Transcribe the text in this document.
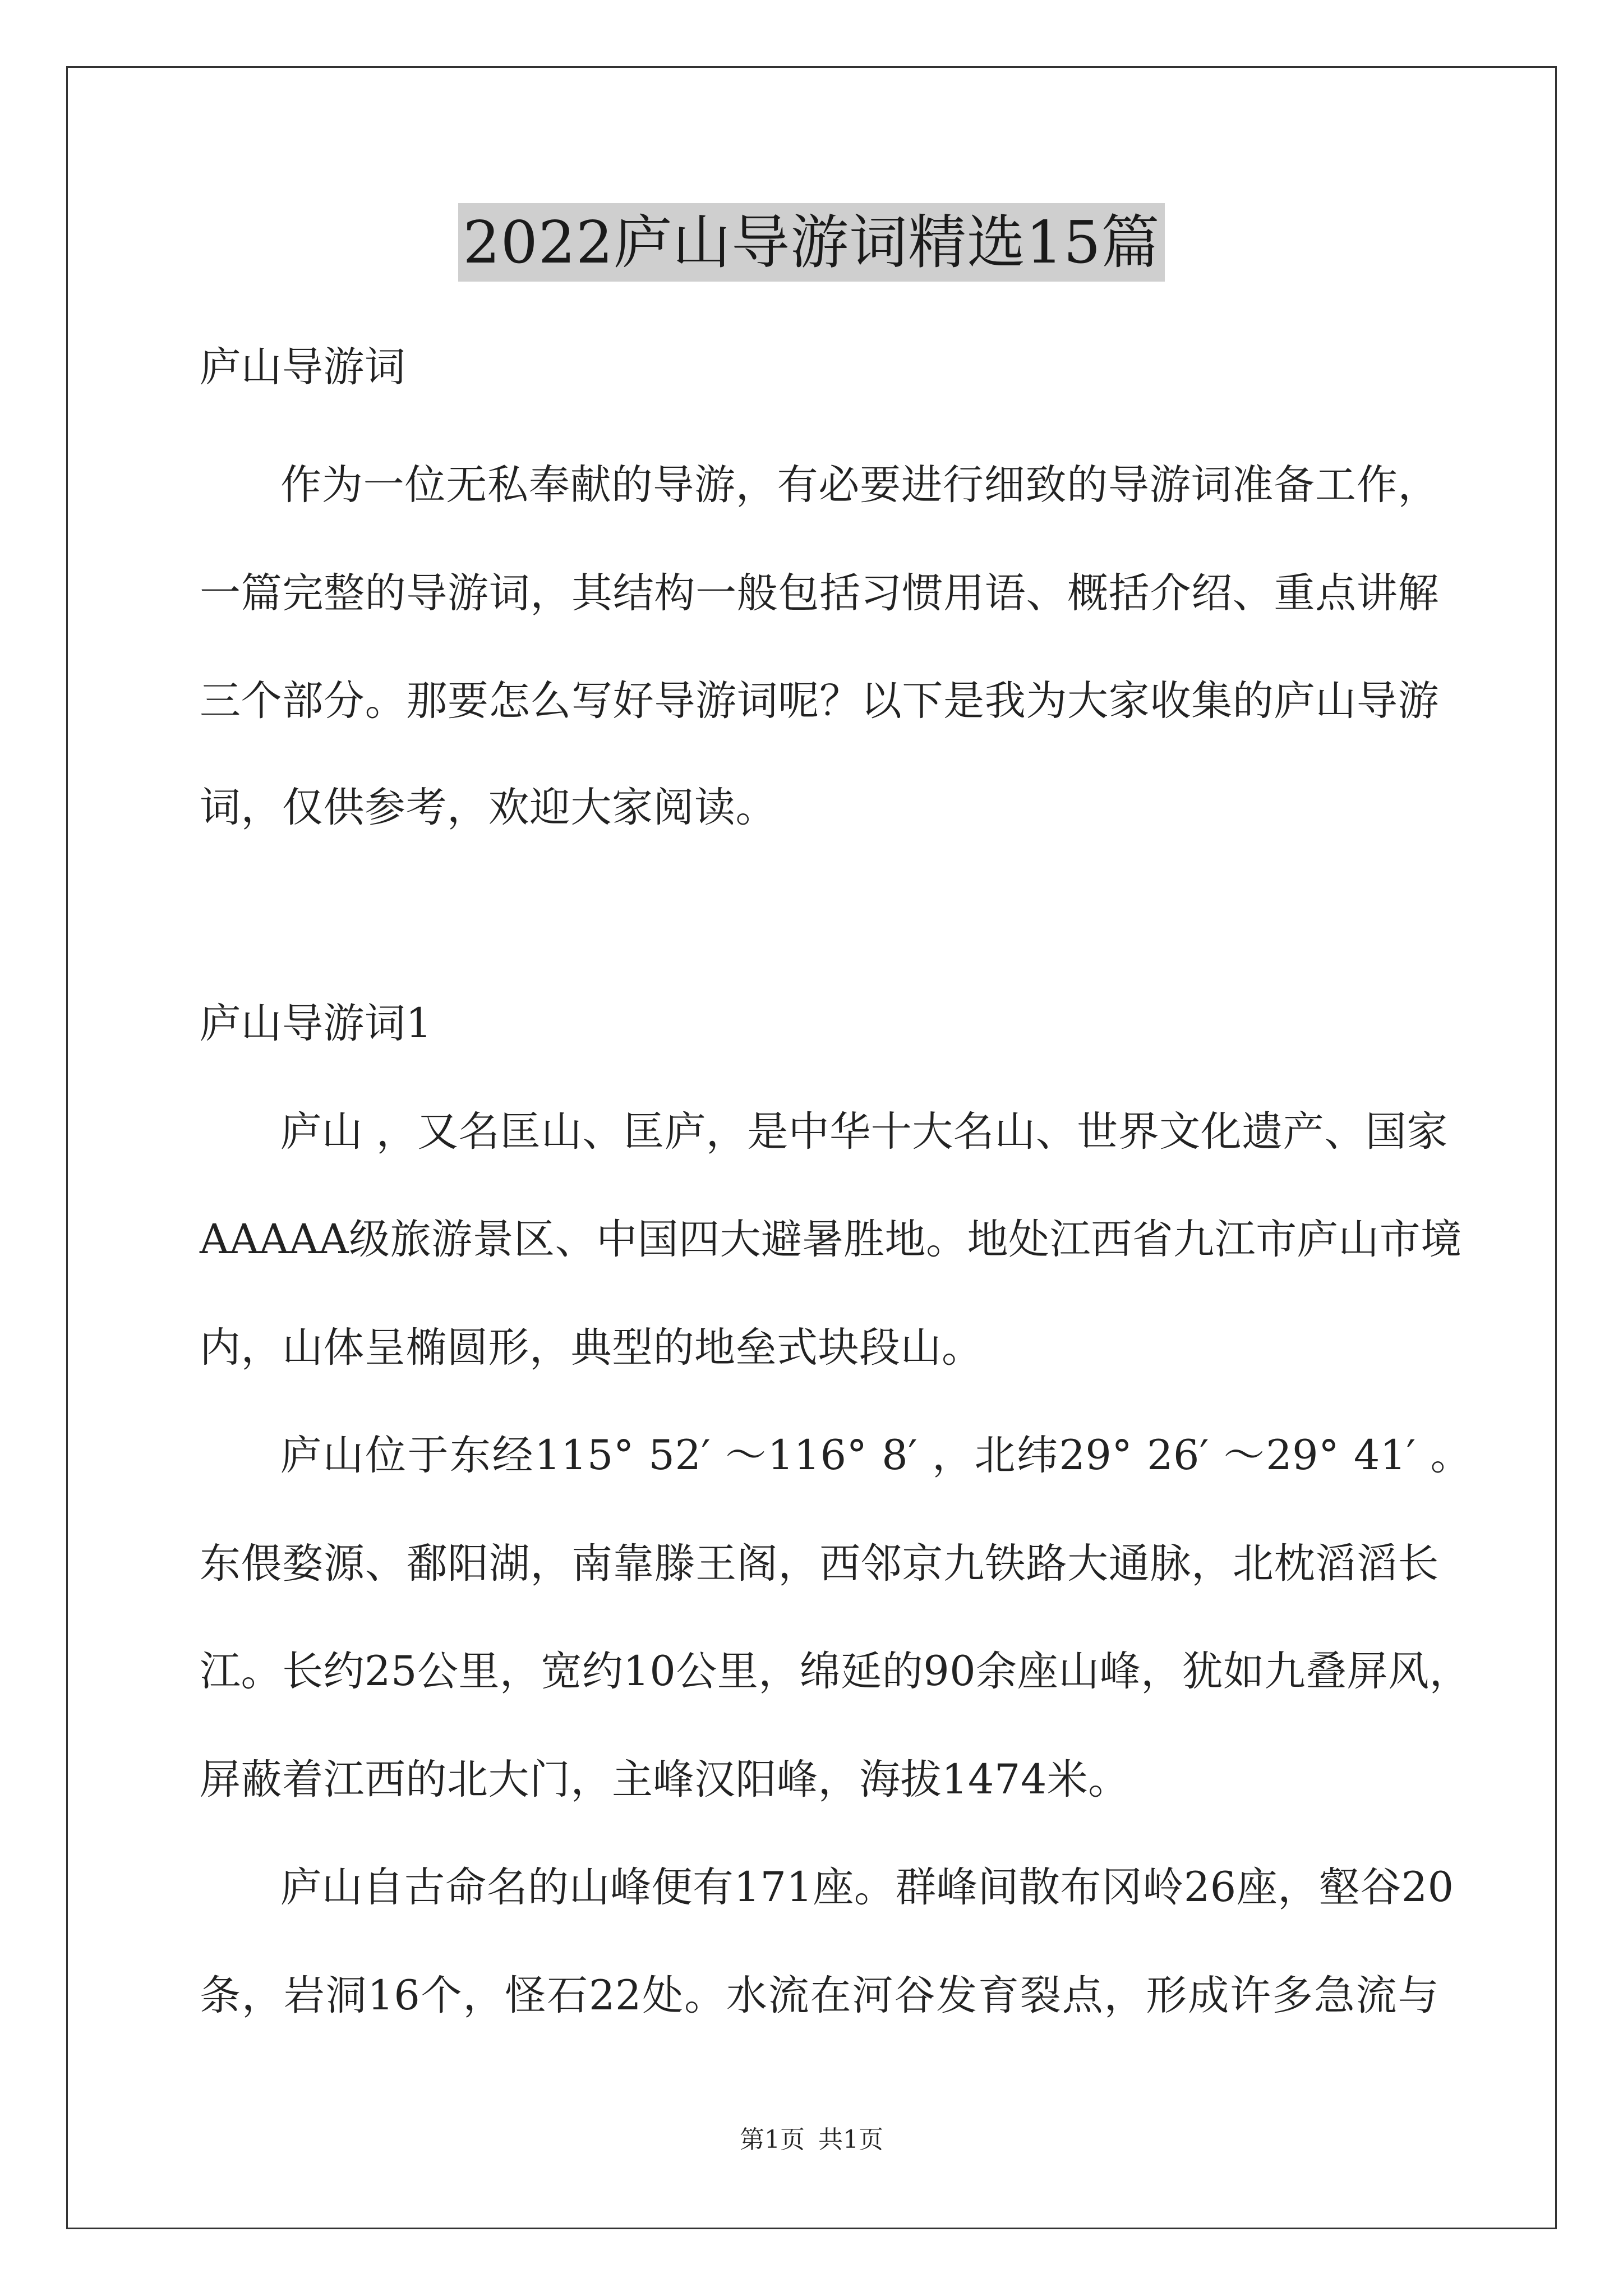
2022庐山导游词精选15篇
庐山导游词
作为一位无私奉献的导游，有必要进行细致的导游词准备工作，
一篇完整的导游词，其结构一般包括习惯用语、概括介绍、重点讲解
三个部分。那要怎么写好导游词呢？以下是我为大家收集的庐山导游
词，仅供参考，欢迎大家阅读。
庐山导游词1
庐山 ，又名匡山、匡庐，是中华十大名山、世界文化遗产、国家
AAAAA级旅游景区、中国四大避暑胜地。地处江西省九江市庐山市境
内，山体呈椭圆形，典型的地垒式块段山。
庐山位于东经115° 52′ ～116° 8′ ，北纬29° 26′ ～29° 41′ 。
东偎婺源、鄱阳湖，南靠滕王阁，西邻京九铁路大通脉，北枕滔滔长
江。长约25公里，宽约10公里，绵延的90余座山峰，犹如九叠屏风，
屏蔽着江西的北大门，主峰汉阳峰，海拔1474米。
庐山自古命名的山峰便有171座。群峰间散布冈岭26座，壑谷20
条，岩洞16个，怪石22处。水流在河谷发育裂点，形成许多急流与
第1页 共1页
